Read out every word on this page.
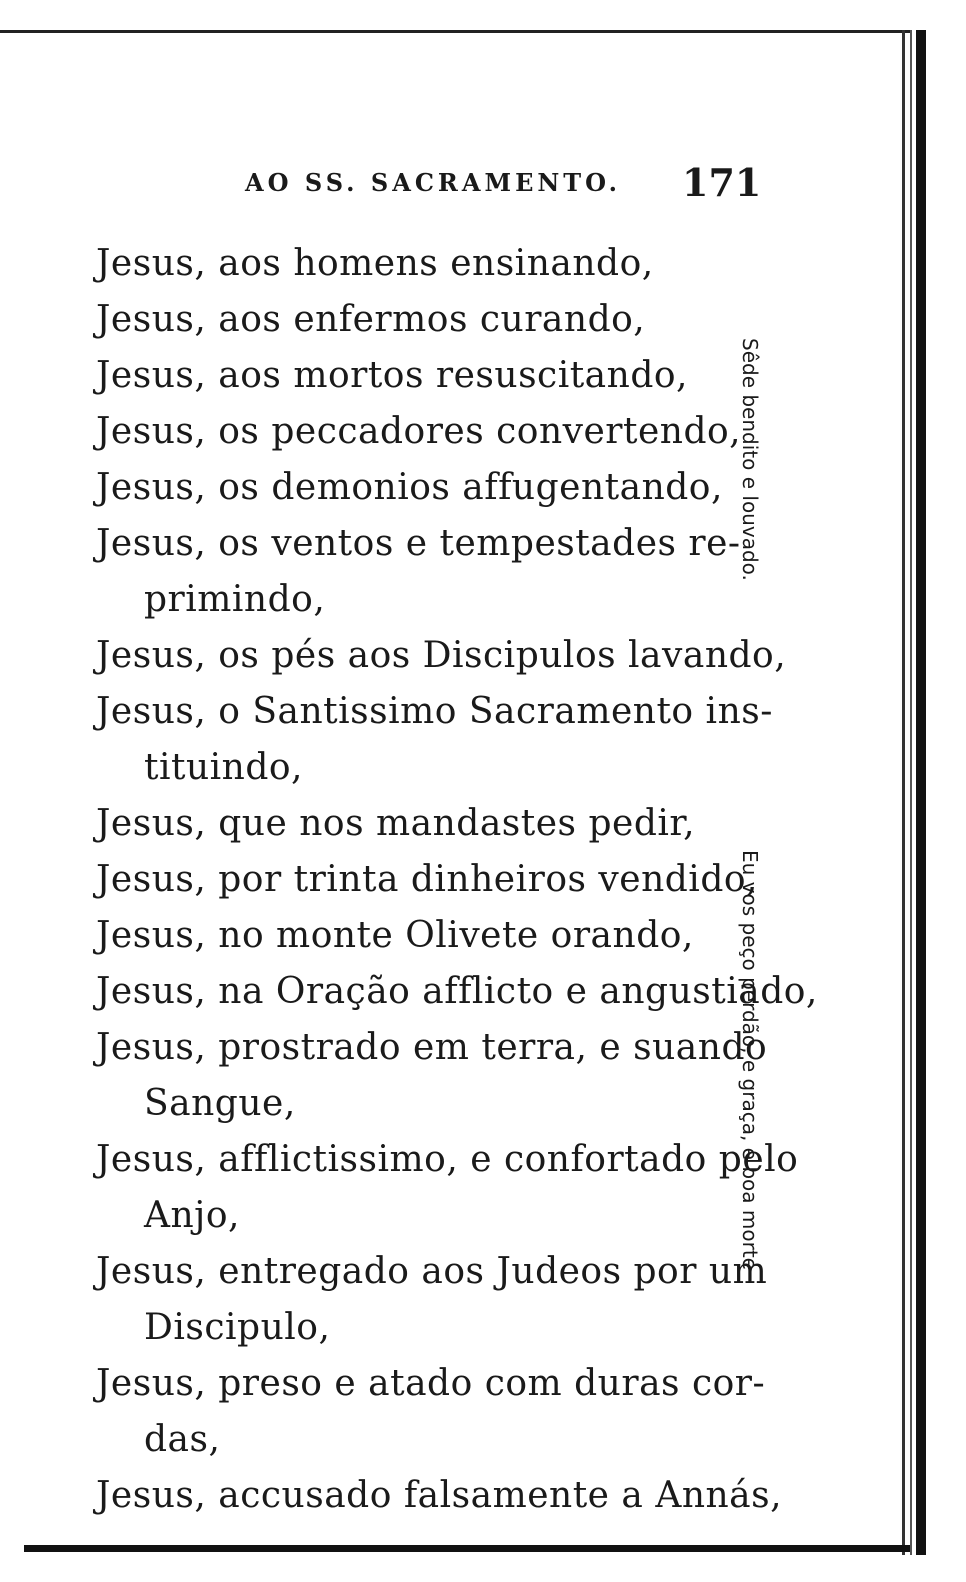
AO SS. SACRAMENTO. 171
Jesus, aos homens ensinando,
Jesus, aos enfermos curando,
Jesus, aos mortos resuscitando,
Jesus, os peccadores convertendo,
Jesus, os demonios affugentando,
Jesus, os ventos e tempestades re-
primindo,
Jesus, os pés aos Discipulos lavando,
Jesus, o Santissimo Sacramento ins-
tituindo,
Jesus, que nos mandastes pedir,
Jesus, por trinta dinheiros vendido,
Jesus, no monte Olivete orando,
Jesus, na Oração afflicto e angustiado,
Jesus, prostrado em terra, e suando
Sangue,
Jesus, afflictissimo, e confortado pelo
Anjo,
Jesus, entregado aos Judeos por um
Discipulo,
Jesus, preso e atado com duras cor-
das,
Jesus, accusado falsamente a Annás,
Sêde bendito e louvado.
Eu vos peço perdão, e graça, e boa morte
